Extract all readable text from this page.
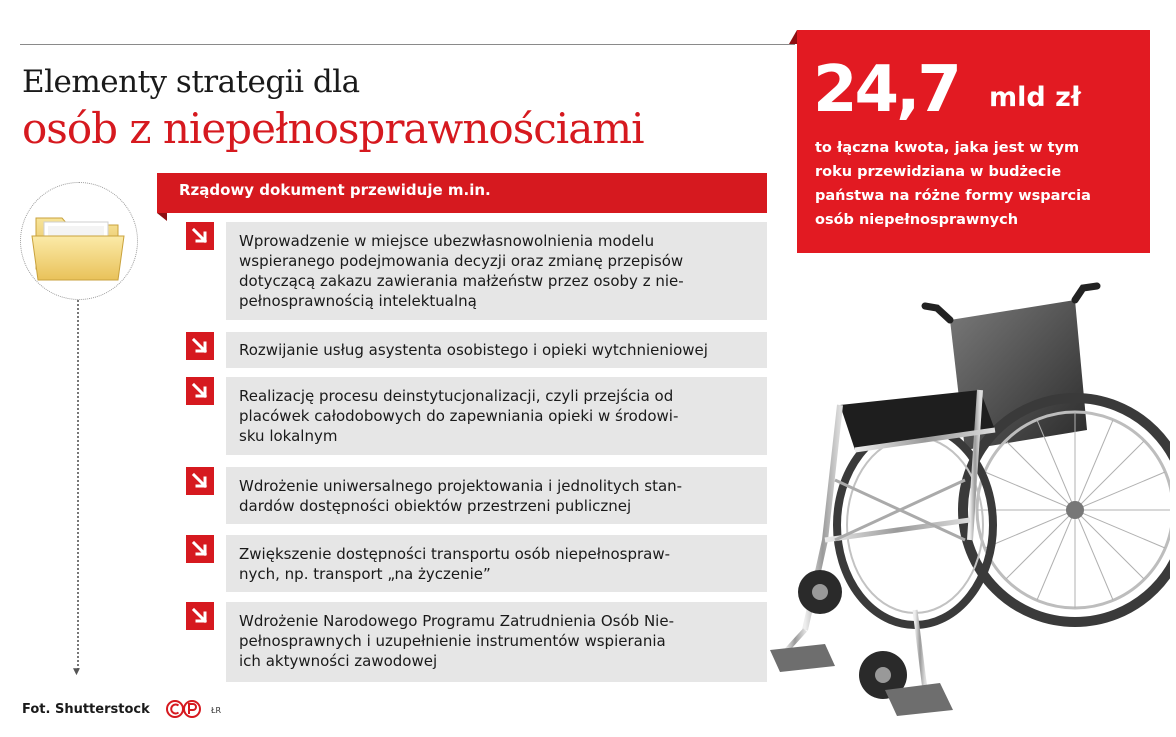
Elementy strategii dla
osób z niepełnosprawnościami
▼
Rządowy dokument przewiduje m.in.
Wprowadzenie w miejsce ubezwłasnowolnienia modelu
wspieranego podejmowania decyzji oraz zmianę przepisów
dotyczącą zakazu zawierania małżeństw przez osoby z nie-
pełnosprawnością intelektualną
Rozwijanie usług asystenta osobistego i opieki wytchnieniowej
Realizację procesu deinstytucjonalizacji, czyli przejścia od
placówek całodobowych do zapewniania opieki w środowi-
sku lokalnym
Wdrożenie uniwersalnego projektowania i jednolitych stan-
dardów dostępności obiektów przestrzeni publicznej
Zwiększenie dostępności transportu osób niepełnospraw-
nych, np. transport „na życzenie”
Wdrożenie Narodowego Programu Zatrudnienia Osób Nie-
pełnosprawnych i uzupełnienie instrumentów wspierania
ich aktywności zawodowej
24,7 mld zł
to łączna kwota, jaka jest w tym
roku przewidziana w budżecie
państwa na różne formy wsparcia
osób niepełnosprawnych
Fot. Shutterstock	ŁR
